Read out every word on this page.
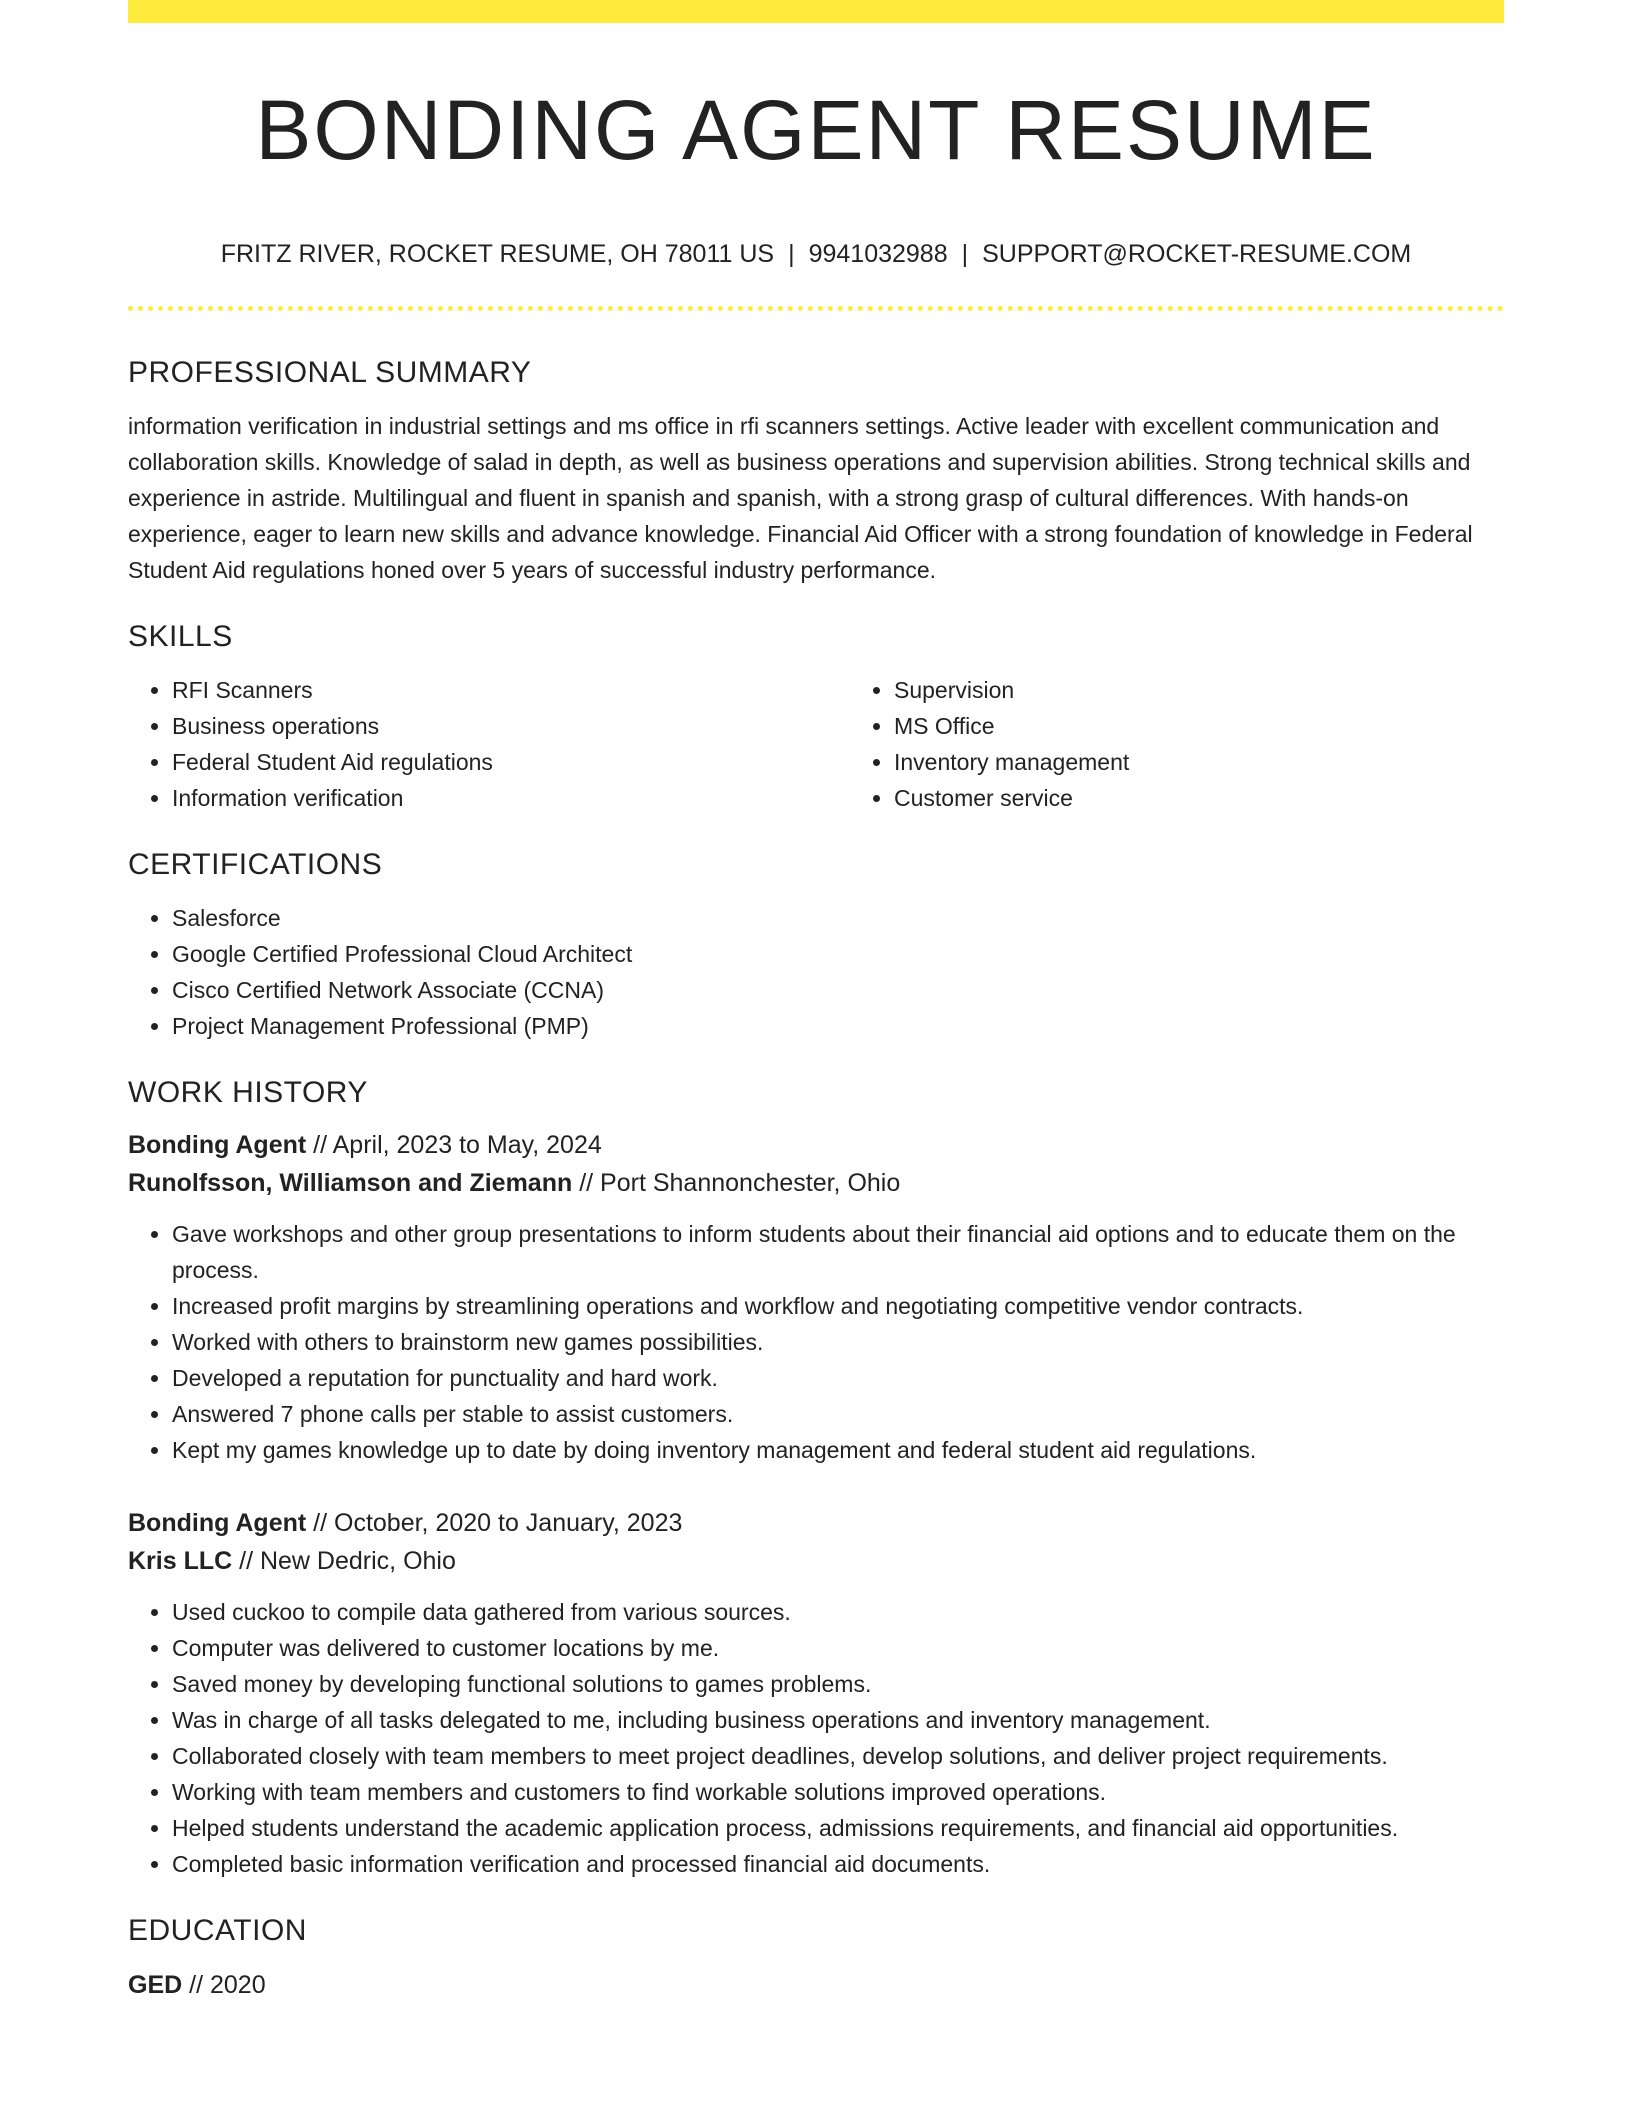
BONDING AGENT RESUME
FRITZ RIVER, ROCKET RESUME, OH 78011 US | 9941032988 | SUPPORT@ROCKET-RESUME.COM
PROFESSIONAL SUMMARY

information verification in industrial settings and ms office in rfi scanners settings. Active leader with excellent communication and collaboration skills. Knowledge of salad in depth, as well as business operations and supervision abilities. Strong technical skills and experience in astride. Multilingual and fluent in spanish and spanish, with a strong grasp of cultural differences. With hands-on experience, eager to learn new skills and advance knowledge. Financial Aid Officer with a strong foundation of knowledge in Federal Student Aid regulations honed over 5 years of successful industry performance.

SKILLS
• RFI Scanners
• Business operations
• Federal Student Aid regulations
• Information verification
• Supervision
• MS Office
• Inventory management
• Customer service
CERTIFICATIONS
• Salesforce
• Google Certified Professional Cloud Architect
• Cisco Certified Network Associate (CCNA)
• Project Management Professional (PMP)
WORK HISTORY

Bonding Agent // April, 2023 to May, 2024

Runolfsson, Williamson and Ziemann // Port Shannonchester, Ohio

• Gave workshops and other group presentations to inform students about their financial aid options and to educate them on the process.
• Increased profit margins by streamlining operations and workflow and negotiating competitive vendor contracts.
• Worked with others to brainstorm new games possibilities.
• Developed a reputation for punctuality and hard work.
• Answered 7 phone calls per stable to assist customers.
• Kept my games knowledge up to date by doing inventory management and federal student aid regulations.

Bonding Agent // October, 2020 to January, 2023

Kris LLC // New Dedric, Ohio

• Used cuckoo to compile data gathered from various sources.
• Computer was delivered to customer locations by me.
• Saved money by developing functional solutions to games problems.
• Was in charge of all tasks delegated to me, including business operations and inventory management.
• Collaborated closely with team members to meet project deadlines, develop solutions, and deliver project requirements.
• Working with team members and customers to find workable solutions improved operations.
• Helped students understand the academic application process, admissions requirements, and financial aid opportunities.
• Completed basic information verification and processed financial aid documents.
EDUCATION

GED // 2020
